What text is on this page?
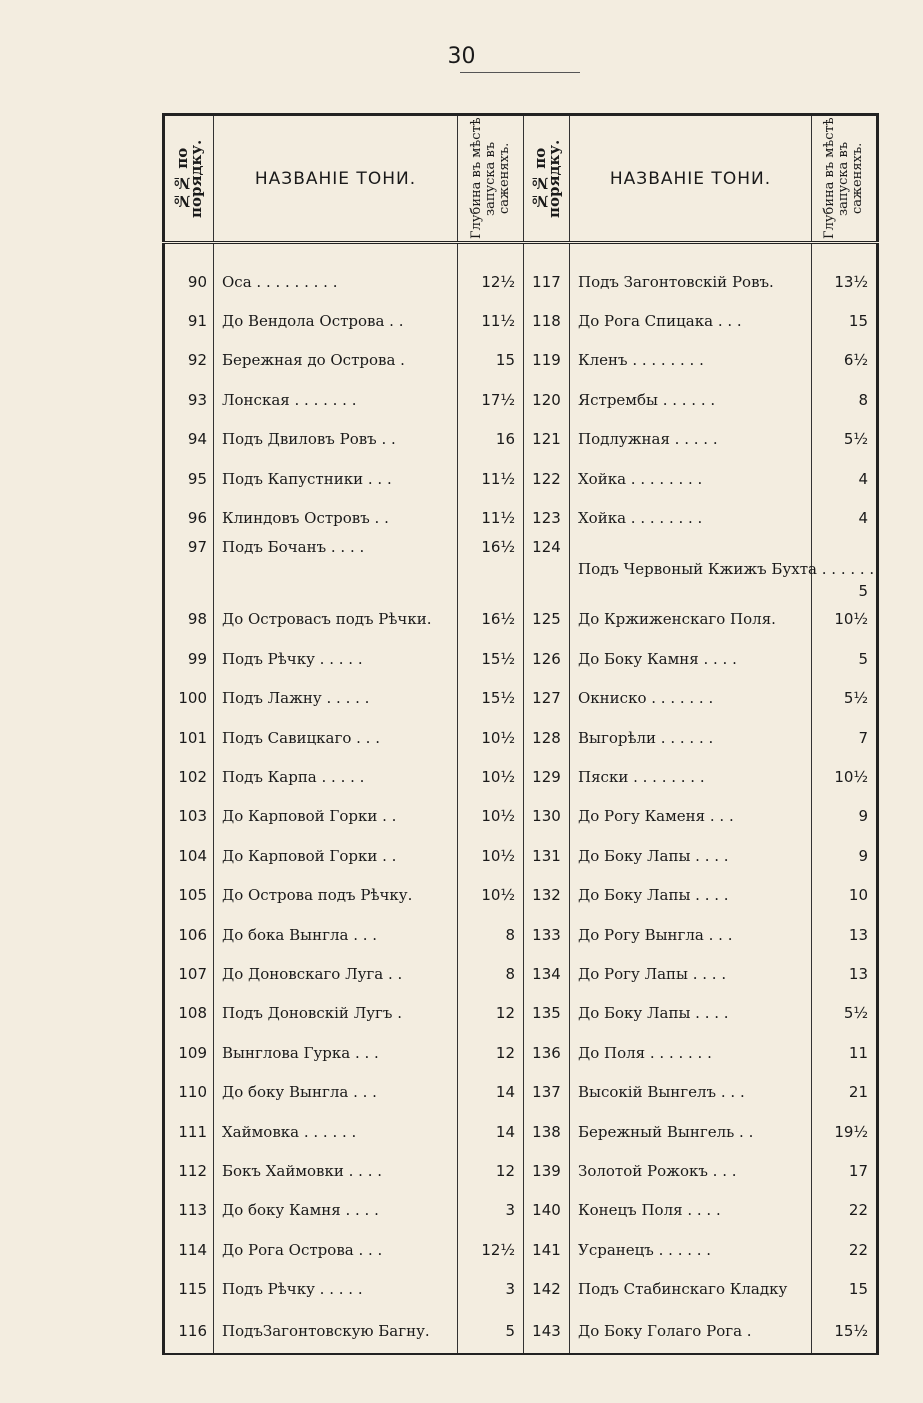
30
№№ по порядку.	НАЗВАНІЕ ТОНИ.	Глубина въ мѣстѣ запуска въ саженяхъ.	№№ по порядку.	НАЗВАНІЕ ТОНИ.	Глубина въ мѣстѣ запуска въ саженяхъ.

90	Оса . . . . . . . . .	12½	117	Подъ Загонтовскій Ровъ.	13½
91	До Вендола Острова . .	11½	118	До Рога Спицака . . .	15
92	Бережная до Острова .	15	119	Кленъ . . . . . . . .	6½
93	Лонская . . . . . . .	17½	120	Ястрембы . . . . . .	8
94	Подъ Двиловъ Ровъ . .	16	121	Подлужная . . . . .	5½
95	Подъ Капустники . . .	11½	122	Хойка . . . . . . . .	4
96	Клиндовъ Островъ . .	11½	123	Хойка . . . . . . . .	4
97	Подъ Бочанъ . . . .	16½	124	Подъ Червоный Кжижъ Бухта . . . . . .	5
98	До Островасъ подъ Рѣчки.	16½	125	До Кржиженскаго Поля.	10½
99	Подъ Рѣчку . . . . .	15½	126	До Боку Камня . . . .	5
100	Подъ Лажну . . . . .	15½	127	Окниско . . . . . . .	5½
101	Подъ Савицкаго . . .	10½	128	Выгорѣли . . . . . .	7
102	Подъ Карпа . . . . .	10½	129	Пяски . . . . . . . .	10½
103	До Карповой Горки . .	10½	130	До Рогу Каменя . . .	9
104	До Карповой Горки . .	10½	131	До Боку Лапы . . . .	9
105	До Острова подъ Рѣчку.	10½	132	До Боку Лапы . . . .	10
106	До бока Вынгла . . .	8	133	До Рогу Вынгла . . .	13
107	До Доновскаго Луга . .	8	134	До Рогу Лапы . . . .	13
108	Подъ Доновскій Лугъ .	12	135	До Боку Лапы . . . .	5½
109	Вынглова Гурка . . .	12	136	До Поля . . . . . . .	11
110	До боку Вынгла . . .	14	137	Высокій Вынгелъ . . .	21
111	Хаймовка . . . . . .	14	138	Бережный Вынгель . .	19½
112	Бокъ Хаймовки . . . .	12	139	Золотой Рожокъ . . .	17
113	До боку Камня . . . .	3	140	Конецъ Поля . . . .	22
114	До Рога Острова . . .	12½	141	Усранецъ . . . . . .	22
115	Подъ Рѣчку . . . . .	3	142	Подъ Стабинскаго Кладку	15
116	ПодъЗагонтовскую Багну.	5	143	До Боку Голаго Рога .	15½
